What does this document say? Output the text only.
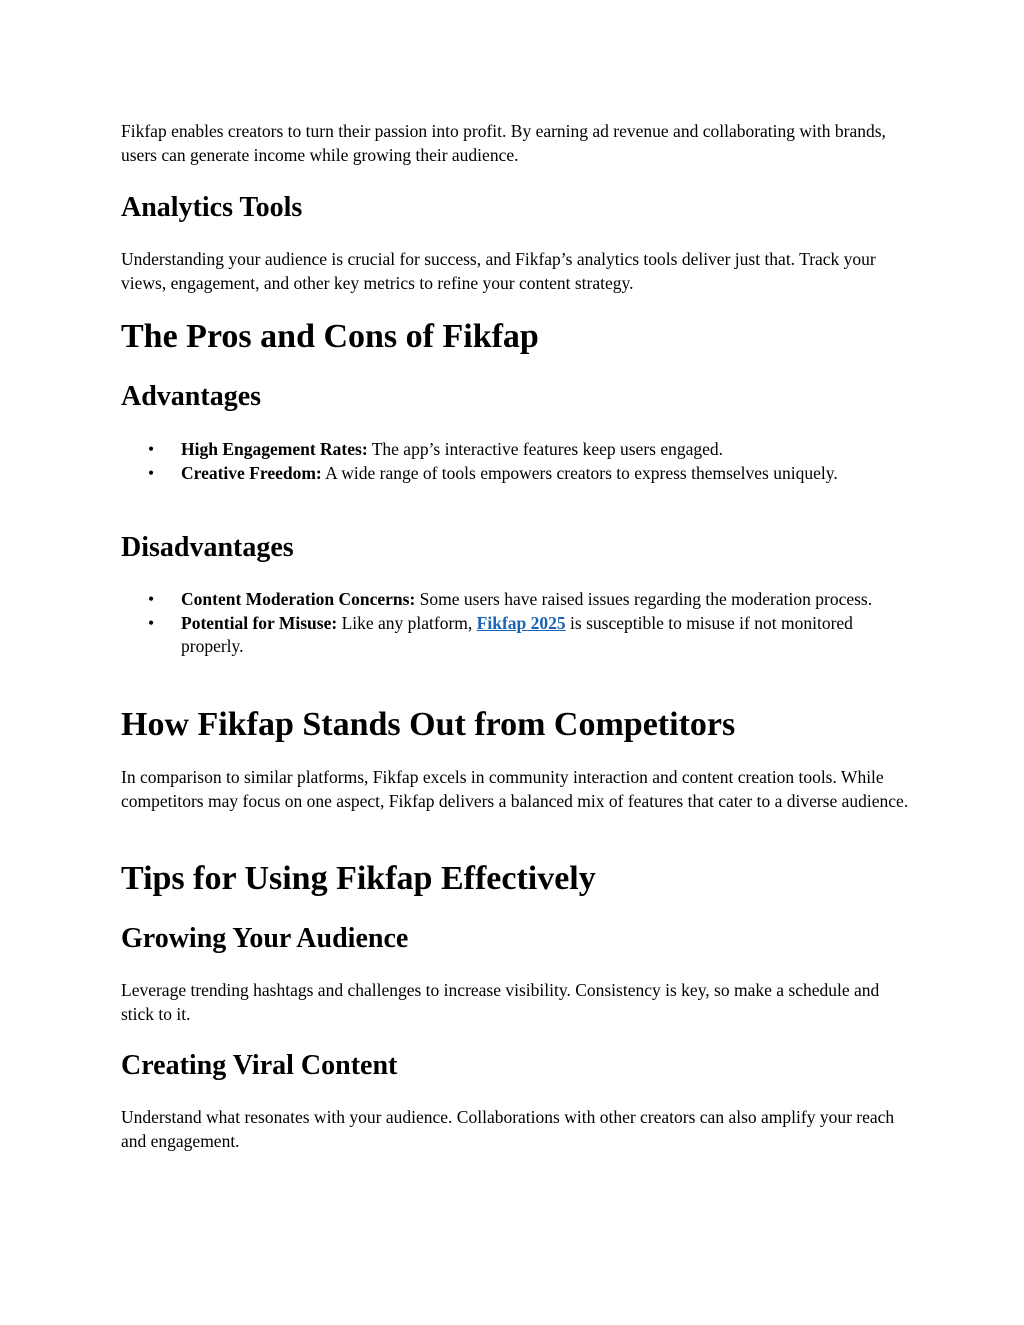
Fikfap enables creators to turn their passion into profit. By earning ad revenue and collaborating with brands, users can generate income while growing their audience.

Analytics Tools

Understanding your audience is crucial for success, and Fikfap’s analytics tools deliver just that. Track your views, engagement, and other key metrics to refine your content strategy.

The Pros and Cons of Fikfap
Advantages
• High Engagement Rates: The app’s interactive features keep users engaged.
• Creative Freedom: A wide range of tools empowers creators to express themselves uniquely.
Disadvantages
• Content Moderation Concerns: Some users have raised issues regarding the moderation process.
• Potential for Misuse: Like any platform, Fikfap 2025 is susceptible to misuse if not monitored properly.
How Fikfap Stands Out from Competitors

In comparison to similar platforms, Fikfap excels in community interaction and content creation tools. While competitors may focus on one aspect, Fikfap delivers a balanced mix of features that cater to a diverse audience.

Tips for Using Fikfap Effectively
Growing Your Audience

Leverage trending hashtags and challenges to increase visibility. Consistency is key, so make a schedule and stick to it.

Creating Viral Content

Understand what resonates with your audience. Collaborations with other creators can also amplify your reach and engagement.
